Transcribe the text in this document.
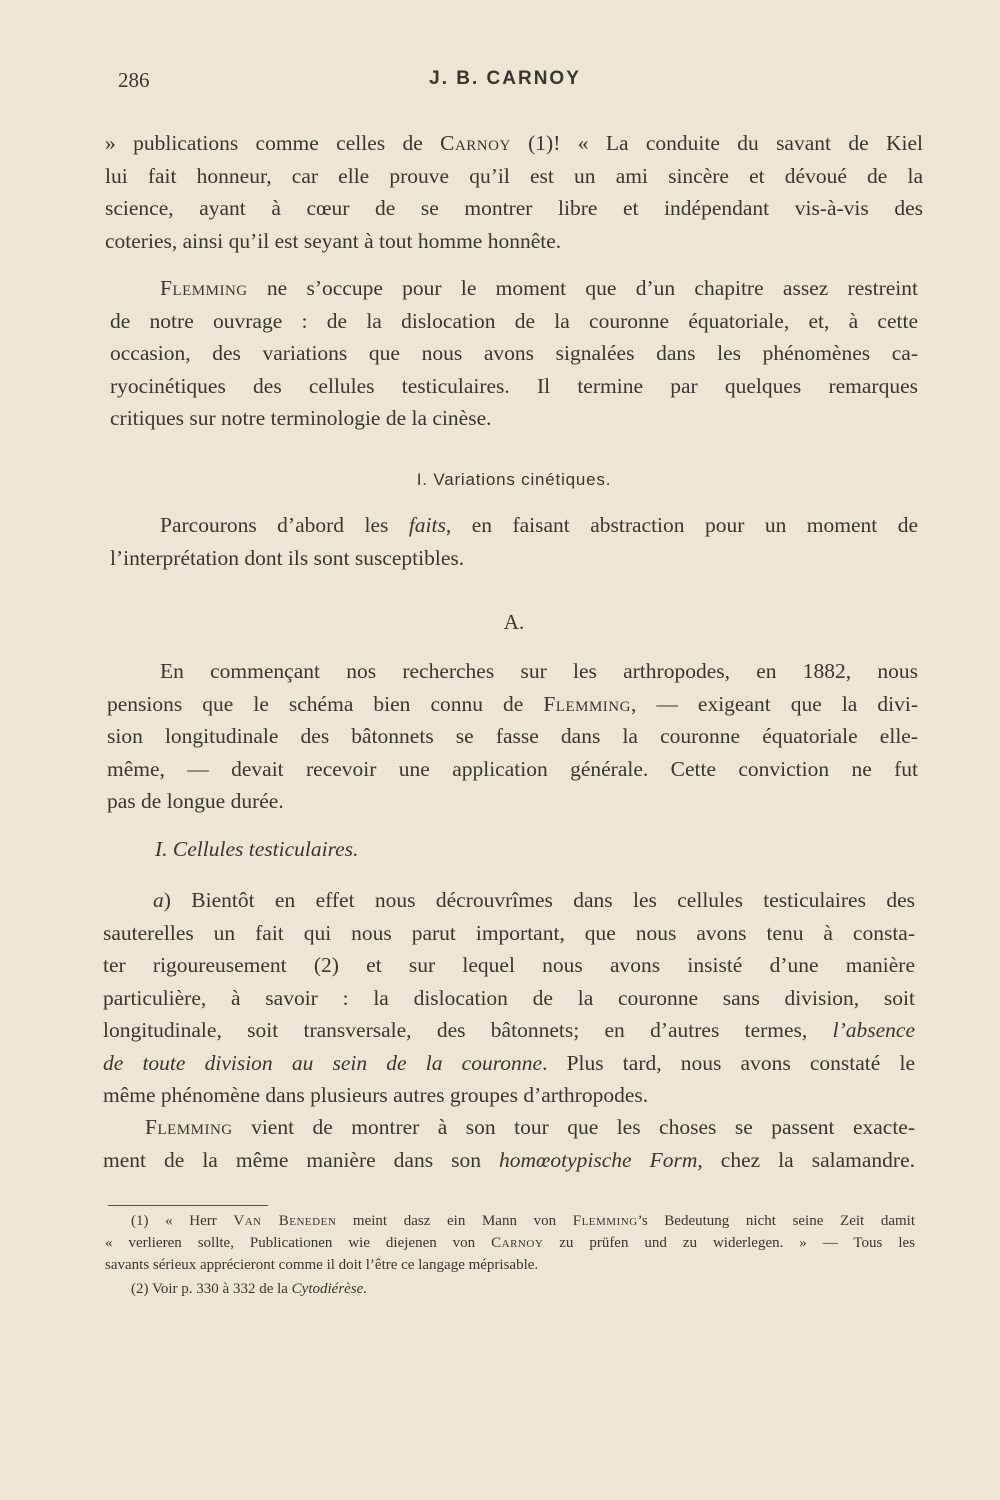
286	J. B. CARNOY

» publications comme celles de Carnoy (1)! « La conduite du savant de Kiel
lui fait honneur, car elle prouve qu’il est un ami sincère et dévoué de la
science, ayant à cœur de se montrer libre et indépendant vis-à-vis des
coteries, ainsi qu’il est seyant à tout homme honnête.

Flemming ne s’occupe pour le moment que d’un chapitre assez restreint
de notre ouvrage : de la dislocation de la couronne équatoriale, et, à cette
occasion, des variations que nous avons signalées dans les phénomènes ca-
ryocinétiques des cellules testiculaires. Il termine par quelques remarques
critiques sur notre terminologie de la cinèse.

I. Variations cinétiques.

Parcourons d’abord les faits, en faisant abstraction pour un moment de
l’interprétation dont ils sont susceptibles.

A.

En commençant nos recherches sur les arthropodes, en 1882, nous
pensions que le schéma bien connu de Flemming, — exigeant que la divi-
sion longitudinale des bâtonnets se fasse dans la couronne équatoriale elle-
même, — devait recevoir une application générale. Cette conviction ne fut
pas de longue durée.

I. Cellules testiculaires.

a) Bientôt en effet nous décrouvrîmes dans les cellules testiculaires des
sauterelles un fait qui nous parut important, que nous avons tenu à consta-
ter rigoureusement (2) et sur lequel nous avons insisté d’une manière
particulière, à savoir : la dislocation de la couronne sans division, soit
longitudinale, soit transversale, des bâtonnets; en d’autres termes, l’absence
de toute division au sein de la couronne. Plus tard, nous avons constaté le
même phénomène dans plusieurs autres groupes d’arthropodes.

Flemming vient de montrer à son tour que les choses se passent exacte-
ment de la même manière dans son homœotypische Form, chez la salamandre.

(1) « Herr Van Beneden meint dasz ein Mann von Flemming’s Bedeutung nicht seine Zeit damit
« verlieren sollte, Publicationen wie diejenen von Carnoy zu prüfen und zu widerlegen. » — Tous les
savants sérieux apprécieront comme il doit l’être ce langage méprisable.
(2) Voir p. 330 à 332 de la Cytodiérèse.
